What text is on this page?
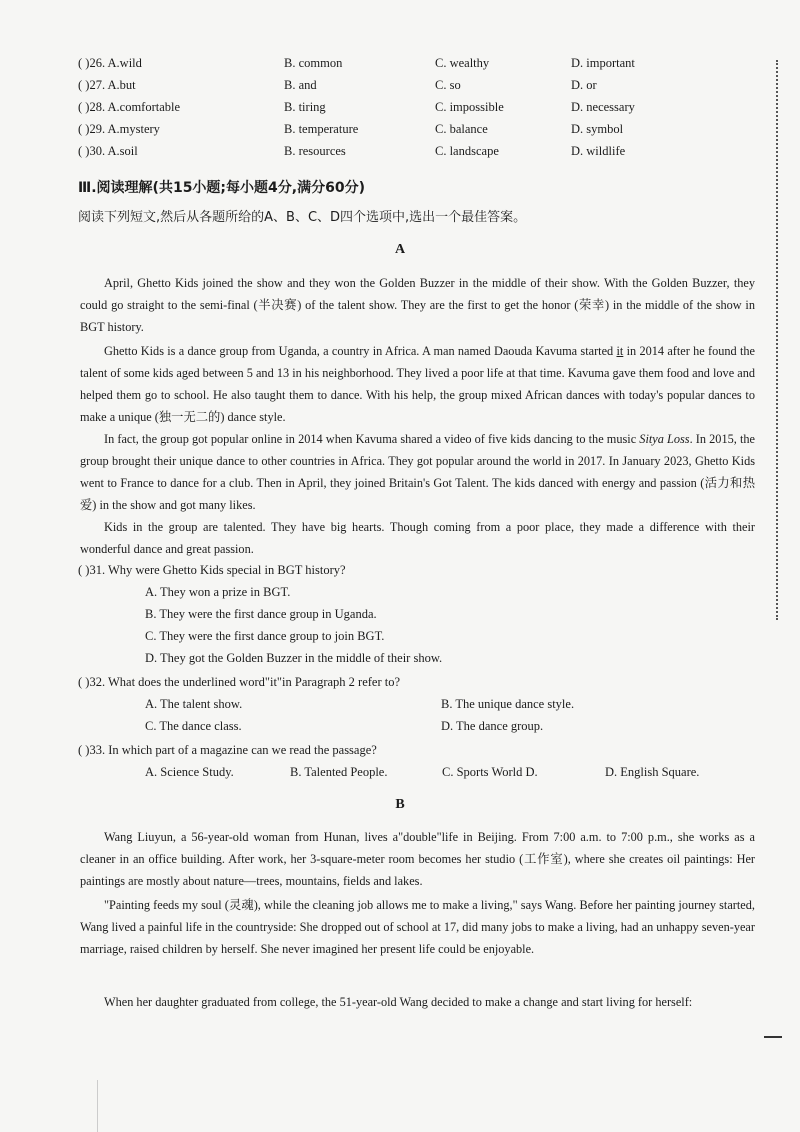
( )26. A.wild	B. common	C. wealthy	D. important
( )27. A.but	B. and	C. so	D. or
( )28. A.comfortable	B. tiring	C. impossible	D. necessary
( )29. A.mystery	B. temperature	C. balance	D. symbol
( )30. A.soil	B. resources	C. landscape	D. wildlife
Ⅲ.阅读理解(共15小题;每小题4分,满分60分)
阅读下列短文,然后从各题所给的A、B、C、D四个选项中,选出一个最佳答案。
A
April, Ghetto Kids joined the show and they won the Golden Buzzer in the middle of their show. With the Golden Buzzer, they could go straight to the semi-final (半决赛) of the talent show. They are the first to get the honor (荣幸) in the middle of the show in BGT history.
Ghetto Kids is a dance group from Uganda, a country in Africa. A man named Daouda Kavuma started it in 2014 after he found the talent of some kids aged between 5 and 13 in his neighborhood. They lived a poor life at that time. Kavuma gave them food and love and helped them go to school. He also taught them to dance. With his help, the group mixed African dances with today's popular dances to make a unique (独一无二的) dance style.
In fact, the group got popular online in 2014 when Kavuma shared a video of five kids dancing to the music Sitya Loss. In 2015, the group brought their unique dance to other countries in Africa. They got popular around the world in 2017. In January 2023, Ghetto Kids went to France to dance for a club. Then in April, they joined Britain's Got Talent. The kids danced with energy and passion (活力和热爱) in the show and got many likes.
Kids in the group are talented. They have big hearts. Though coming from a poor place, they made a difference with their wonderful dance and great passion.
( )31. Why were Ghetto Kids special in BGT history?
A. They won a prize in BGT.
B. They were the first dance group in Uganda.
C. They were the first dance group to join BGT.
D. They got the Golden Buzzer in the middle of their show.
( )32. What does the underlined word"it"in Paragraph 2 refer to?
A. The talent show.	B. The unique dance style.
C. The dance class.	D. The dance group.
( )33. In which part of a magazine can we read the passage?
A. Science Study.	B. Talented People.	C. Sports World D.	D. English Square.
B
Wang Liuyun, a 56-year-old woman from Hunan, lives a"double"life in Beijing. From 7:00 a.m. to 7:00 p.m., she works as a cleaner in an office building. After work, her 3-square-meter room becomes her studio (工作室), where she creates oil paintings: Her paintings are mostly about nature—trees, mountains, fields and lakes.
"Painting feeds my soul (灵魂), while the cleaning job allows me to make a living," says Wang. Before her painting journey started, Wang lived a painful life in the countryside: She dropped out of school at 17, did many jobs to make a living, had an unhappy seven-year marriage, raised children by herself. She never imagined her present life could be enjoyable.
When her daughter graduated from college, the 51-year-old Wang decided to make a change and start living for herself:
